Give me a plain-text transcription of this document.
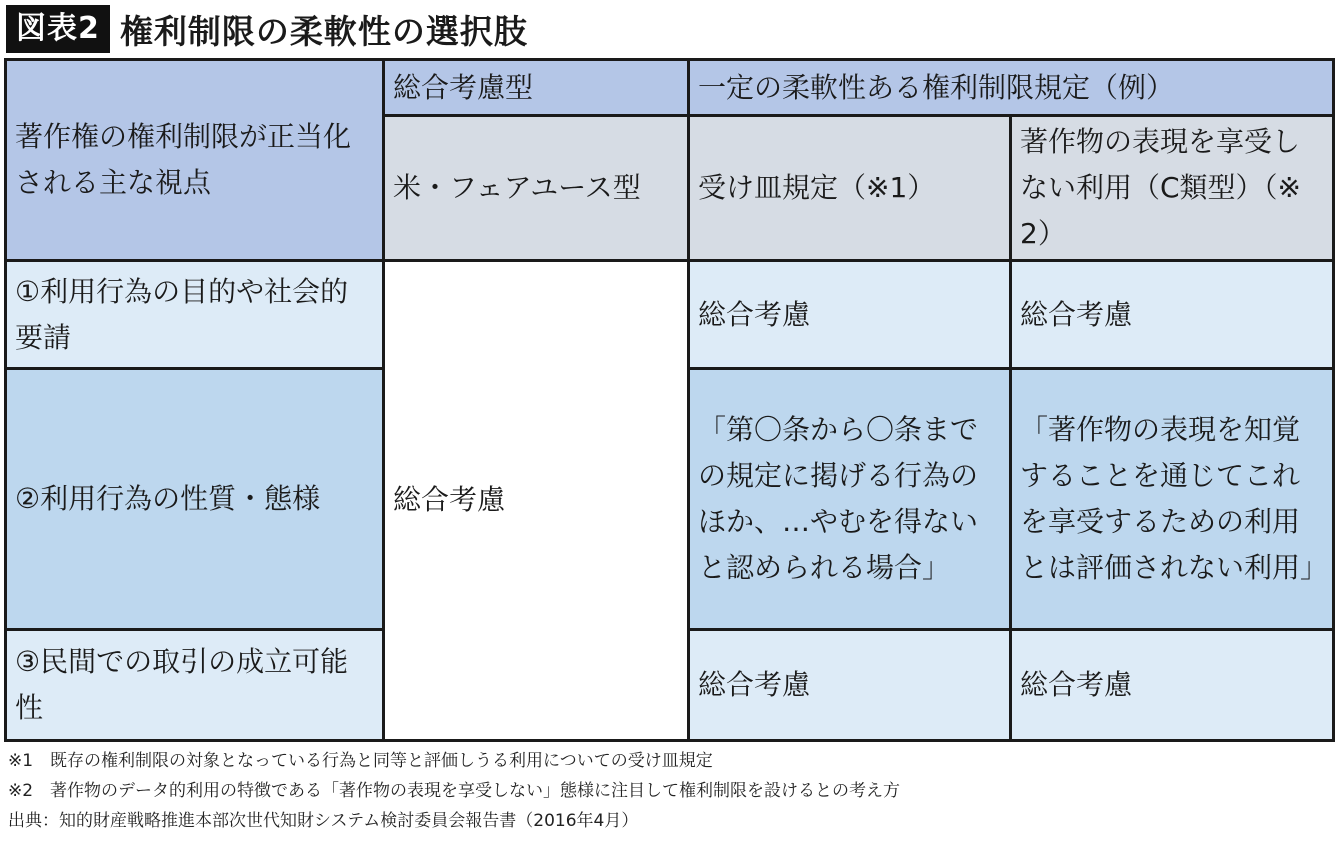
図表2 権利制限の柔軟性の選択肢
著作権の権利制限が正当化される主な視点	総合考慮型	一定の柔軟性ある権利制限規定（例）	
	米・フェアユース型	受け皿規定（※1）	著作物の表現を享受しない利用（C類型）（※2）
①利用行為の目的や社会的要請	総合考慮	総合考慮	総合考慮
②利用行為の性質・態様		「第〇条から〇条までの規定に掲げる行為のほか、…やむを得ないと認められる場合」	「著作物の表現を知覚することを通じてこれを享受するための利用とは評価されない利用」
③民間での取引の成立可能性		総合考慮	総合考慮
※1　既存の権利制限の対象となっている行為と同等と評価しうる利用についての受け皿規定
※2　著作物のデータ的利用の特徴である「著作物の表現を享受しない」態様に注目して権利制限を設けるとの考え方
出典：知的財産戦略推進本部次世代知財システム検討委員会報告書（2016年4月）
